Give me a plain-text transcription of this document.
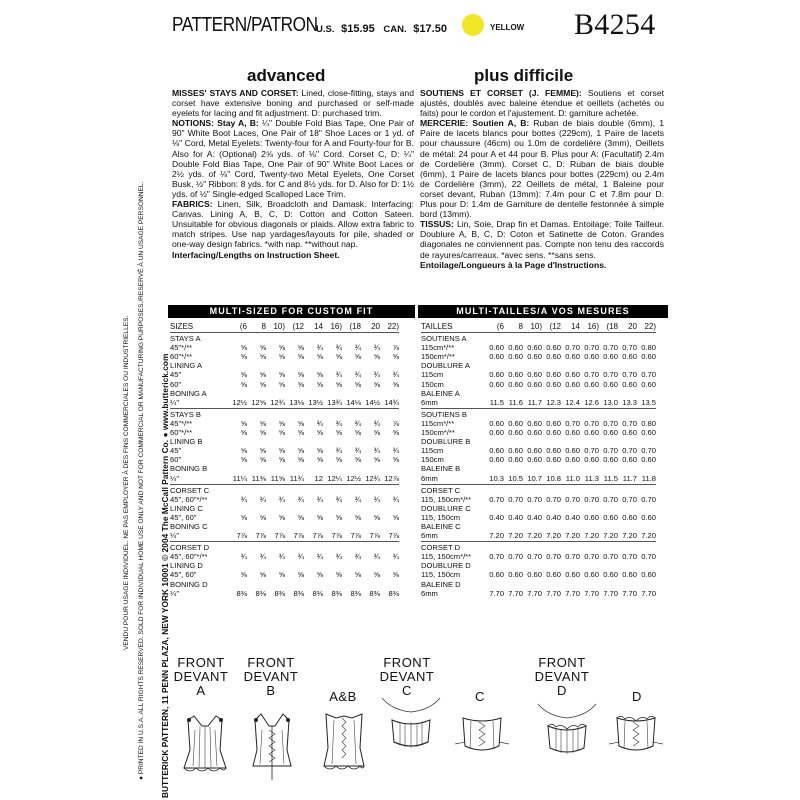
BUTTERICK PATTERN, 11 PENN PLAZA, NEW YORK 10001 © 2004 The McCall Pattern Co. ● www.butterick.com
● PRINTED IN U.S.A. ALL RIGHTS RESERVED. SOLD FOR INDIVIDUAL HOME USE ONLY AND NOT FOR COMMERCIAL OR MANUFACTURING PURPOSES./RESERVÉ À UN USAGE PERSONNEL.
VENDU POUR USAGE INDIVIDUEL. NE PAS EMPLOYER À DES FINS COMMERCIALES OU INDUSTRIELLES.
PATTERN/PATRON
U.S. $15.95 CAN. $17.50	YELLOW B4254
advanced	plus difficile
MISSES' STAYS AND CORSET: Lined, close-fitting, stays and corset have extensive boning and purchased or self-made eyelets for lacing and fit adjustment. D: purchased trim.
NOTIONS: Stay A, B: ¼" Double Fold Bias Tape, One Pair of 90" White Boot Laces, One Pair of 18" Shoe Laces or 1 yd. of ⅛" Cord, Metal Eyelets: Twenty-four for A and Fourty-four for B. Also for A: (Optional) 2⅝ yds. of ⅛" Cord. Corset C, D: ¼" Double Fold Bias Tape, One Pair of 90" White Boot Laces or 2½ yds. of ⅛" Cord, Twenty-two Metal Eyelets, One Corset Busk, ½" Ribbon: 8 yds. for C and 8½ yds. for D. Also for D: 1½ yds. of ½" Single-edged Scalloped Lace Trim.
FABRICS: Linen, Silk, Broadcloth and Damask. Interfacing: Canvas. Lining A, B, C, D: Cotton and Cotton Sateen. Unsuitable for obvious diagonals or plaids. Allow extra fabric to match stripes. Use nap yardages/layouts for pile, shaded or one-way design fabrics. *with nap. **without nap.
Interfacing/Lengths on Instruction Sheet.
SOUTIENS ET CORSET (J. FEMME): Soutiens et corset ajustés, doublés avec baleine étendue et oeillets (achetés ou faits) pour le cordon et l'ajustement. D: garniture achetée.
MERCERIE: Soutien A, B: Ruban de biais double (6mm), 1 Paire de lacets blancs pour bottes (229cm), 1 Paire de lacets pour chaussure (46cm) ou 1.0m de cordelière (3mm), Oeillets de métal: 24 pour A et 44 pour B. Plus pour A: (Facultatif) 2.4m de Cordelière (3mm). Corset C, D: Ruban de biais double (6mm), 1 Paire de lacets blancs pour bottes (229cm) ou 2.4m de Cordelière (3mm), 22 Oeillets de métal, 1 Baleine pour corset devant, Ruban (13mm): 7.4m pour C et 7.8m pour D. Plus pour D: 1.4m de Garniture de dentelle festonnée à simple bord (13mm).
TISSUS: Lin, Soie, Drap fin et Damas. Entoilage: Toile Tailleur. Doublure A, B, C, D: Coton et Satinette de Coton. Grandes diagonales ne conviennent pas. Compte non tenu des raccords de rayures/carreaux. *avec sens. **sans sens.
Entoilage/Longueurs à la Page d'Instructions.
MULTI-SIZED FOR CUSTOM FIT	MULTI-TAILLES/A VOS MESURES
SIZES	(6	8	10)	(12	14	16)	(18	20	22)

STAYS A									
45"*/**	⅝	⅝	⅝	⅝	¾	¾	¾	¾	⅞
60"*/**	⅝	⅝	⅝	⅝	⅝	⅝	⅝	⅝	⅝
LINING A									
45"	⅝	⅝	⅝	⅝	⅝	¾	¾	¾	¾
60"	⅝	⅝	⅝	⅝	⅝	⅝	⅝	⅝	⅝
BONING A									
¼"	12½	12⅝	12¾	13⅛	13½	13¾	14⅛	14½	14¾

STAYS B									
45"*/**	⅝	⅝	⅝	⅝	¾	¾	¾	¾	⅞
60"*/**	⅝	⅝	⅝	⅝	⅝	⅝	⅝	⅝	⅝
LINING B									
45"	⅝	⅝	⅝	⅝	⅝	¾	¾	¾	¾
60"	⅝	⅝	⅝	⅝	⅝	⅝	⅝	⅝	⅝
BONING B									
¼"	11¼	11⅜	11⅝	11¾	12	12¼	12½	12¾	12⅞

CORSET C									
45", 60"*/**	¾	¾	¾	¾	¾	¾	¾	¾	¾
LINING C									
45", 60"	⅝	⅝	⅝	⅝	⅝	⅝	⅝	⅝	⅝
BONING C									
¼"	7⅞	7⅞	7⅞	7⅞	7⅞	7⅞	7⅞	7⅞	7⅞

CORSET D									
45", 60"*/**	¾	¾	¾	¾	¾	¾	¾	¾	¾
LINING D									
45", 60"	⅝	⅝	⅝	⅝	⅝	⅝	⅝	⅝	⅝
BONING D									
¼"	8⅜	8⅜	8⅜	8⅜	8⅜	8⅜	8⅜	8⅜	8⅜
TAILLES	(6	8	10)	(12	14	16)	(18	20	22)

SOUTIENS A									
115cm*/**	0.60	0.60	0.60	0.60	0.70	0.70	0.70	0.70	0.80
150cm*/**	0.60	0.60	0.60	0.60	0.60	0.60	0.60	0.60	0.60
DOUBLURE A									
115cm	0.60	0.60	0.60	0.60	0.60	0.70	0.70	0.70	0.70
150cm	0.60	0.60	0.60	0.60	0.60	0.60	0.60	0.60	0.60
BALEINE A									
6mm	11.5	11.6	11.7	12.3	12.4	12.6	13.0	13.3	13.5

SOUTIENS B									
115cm*/**	0.60	0.60	0.60	0.60	0.70	0.70	0.70	0.70	0.80
150cm*/**	0.60	0.60	0.60	0.60	0.60	0.60	0.60	0.60	0.60
DOUBLURE B									
115cm	0.60	0.60	0.60	0.60	0.60	0.70	0.70	0.70	0.70
150cm	0.60	0.60	0.60	0.60	0.60	0.60	0.60	0.60	0.60
BALEINE B									
6mm	10.3	10.5	10.7	10.8	11.0	11.3	11.5	11.7	11.8

CORSET C									
115, 150cm*/**	0.70	0.70	0.70	0.70	0.70	0.70	0.70	0.70	0.70
DOUBLURE C									
115, 150cm	0.40	0.40	0.40	0.40	0.40	0.60	0.60	0.60	0.60
BALEINE C									
6mm	7.20	7.20	7.20	7.20	7.20	7.20	7.20	7.20	7.20

CORSET D									
115, 150cm*/**	0.70	0.70	0.70	0.70	0.70	0.70	0.70	0.70	0.70
DOUBLURE D									
115, 150cm	0.60	0.60	0.60	0.60	0.60	0.60	0.60	0.60	0.60
BALEINE D									
6mm	7.70	7.70	7.70	7.70	7.70	7.70	7.70	7.70	7.70
FRONT
DEVANT
A
FRONT
DEVANT
B	A&B
FRONT
DEVANT
C	C
FRONT
DEVANT
D	D
